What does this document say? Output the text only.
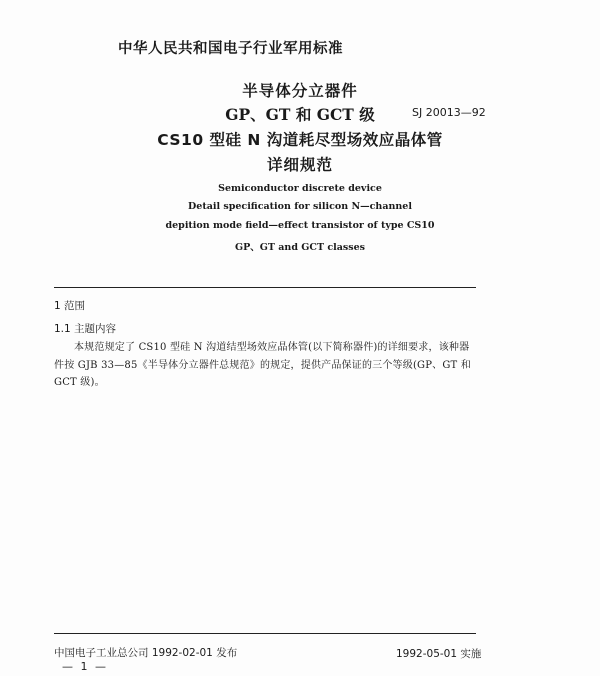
中华人民共和国电子行业军用标准
半导体分立器件
GP、GT 和 GCT 级	SJ 20013—92
CS10 型硅 N 沟道耗尽型场效应晶体管
详细规范
Semiconductor discrete device
Detail specification for silicon N—channel
depition mode field—effect transistor of type CS10
GP、GT and GCT classes
1 范围
1.1 主题内容
本规范规定了 CS10 型硅 N 沟道结型场效应晶体管(以下简称器件)的详细要求，该种器件按 GJB 33—85《半导体分立器件总规范》的规定，提供产品保证的三个等级(GP、GT 和 GCT 级)。
中国电子工业总公司 1992-02-01 发布	1992-05-01 实施
— 1 —
